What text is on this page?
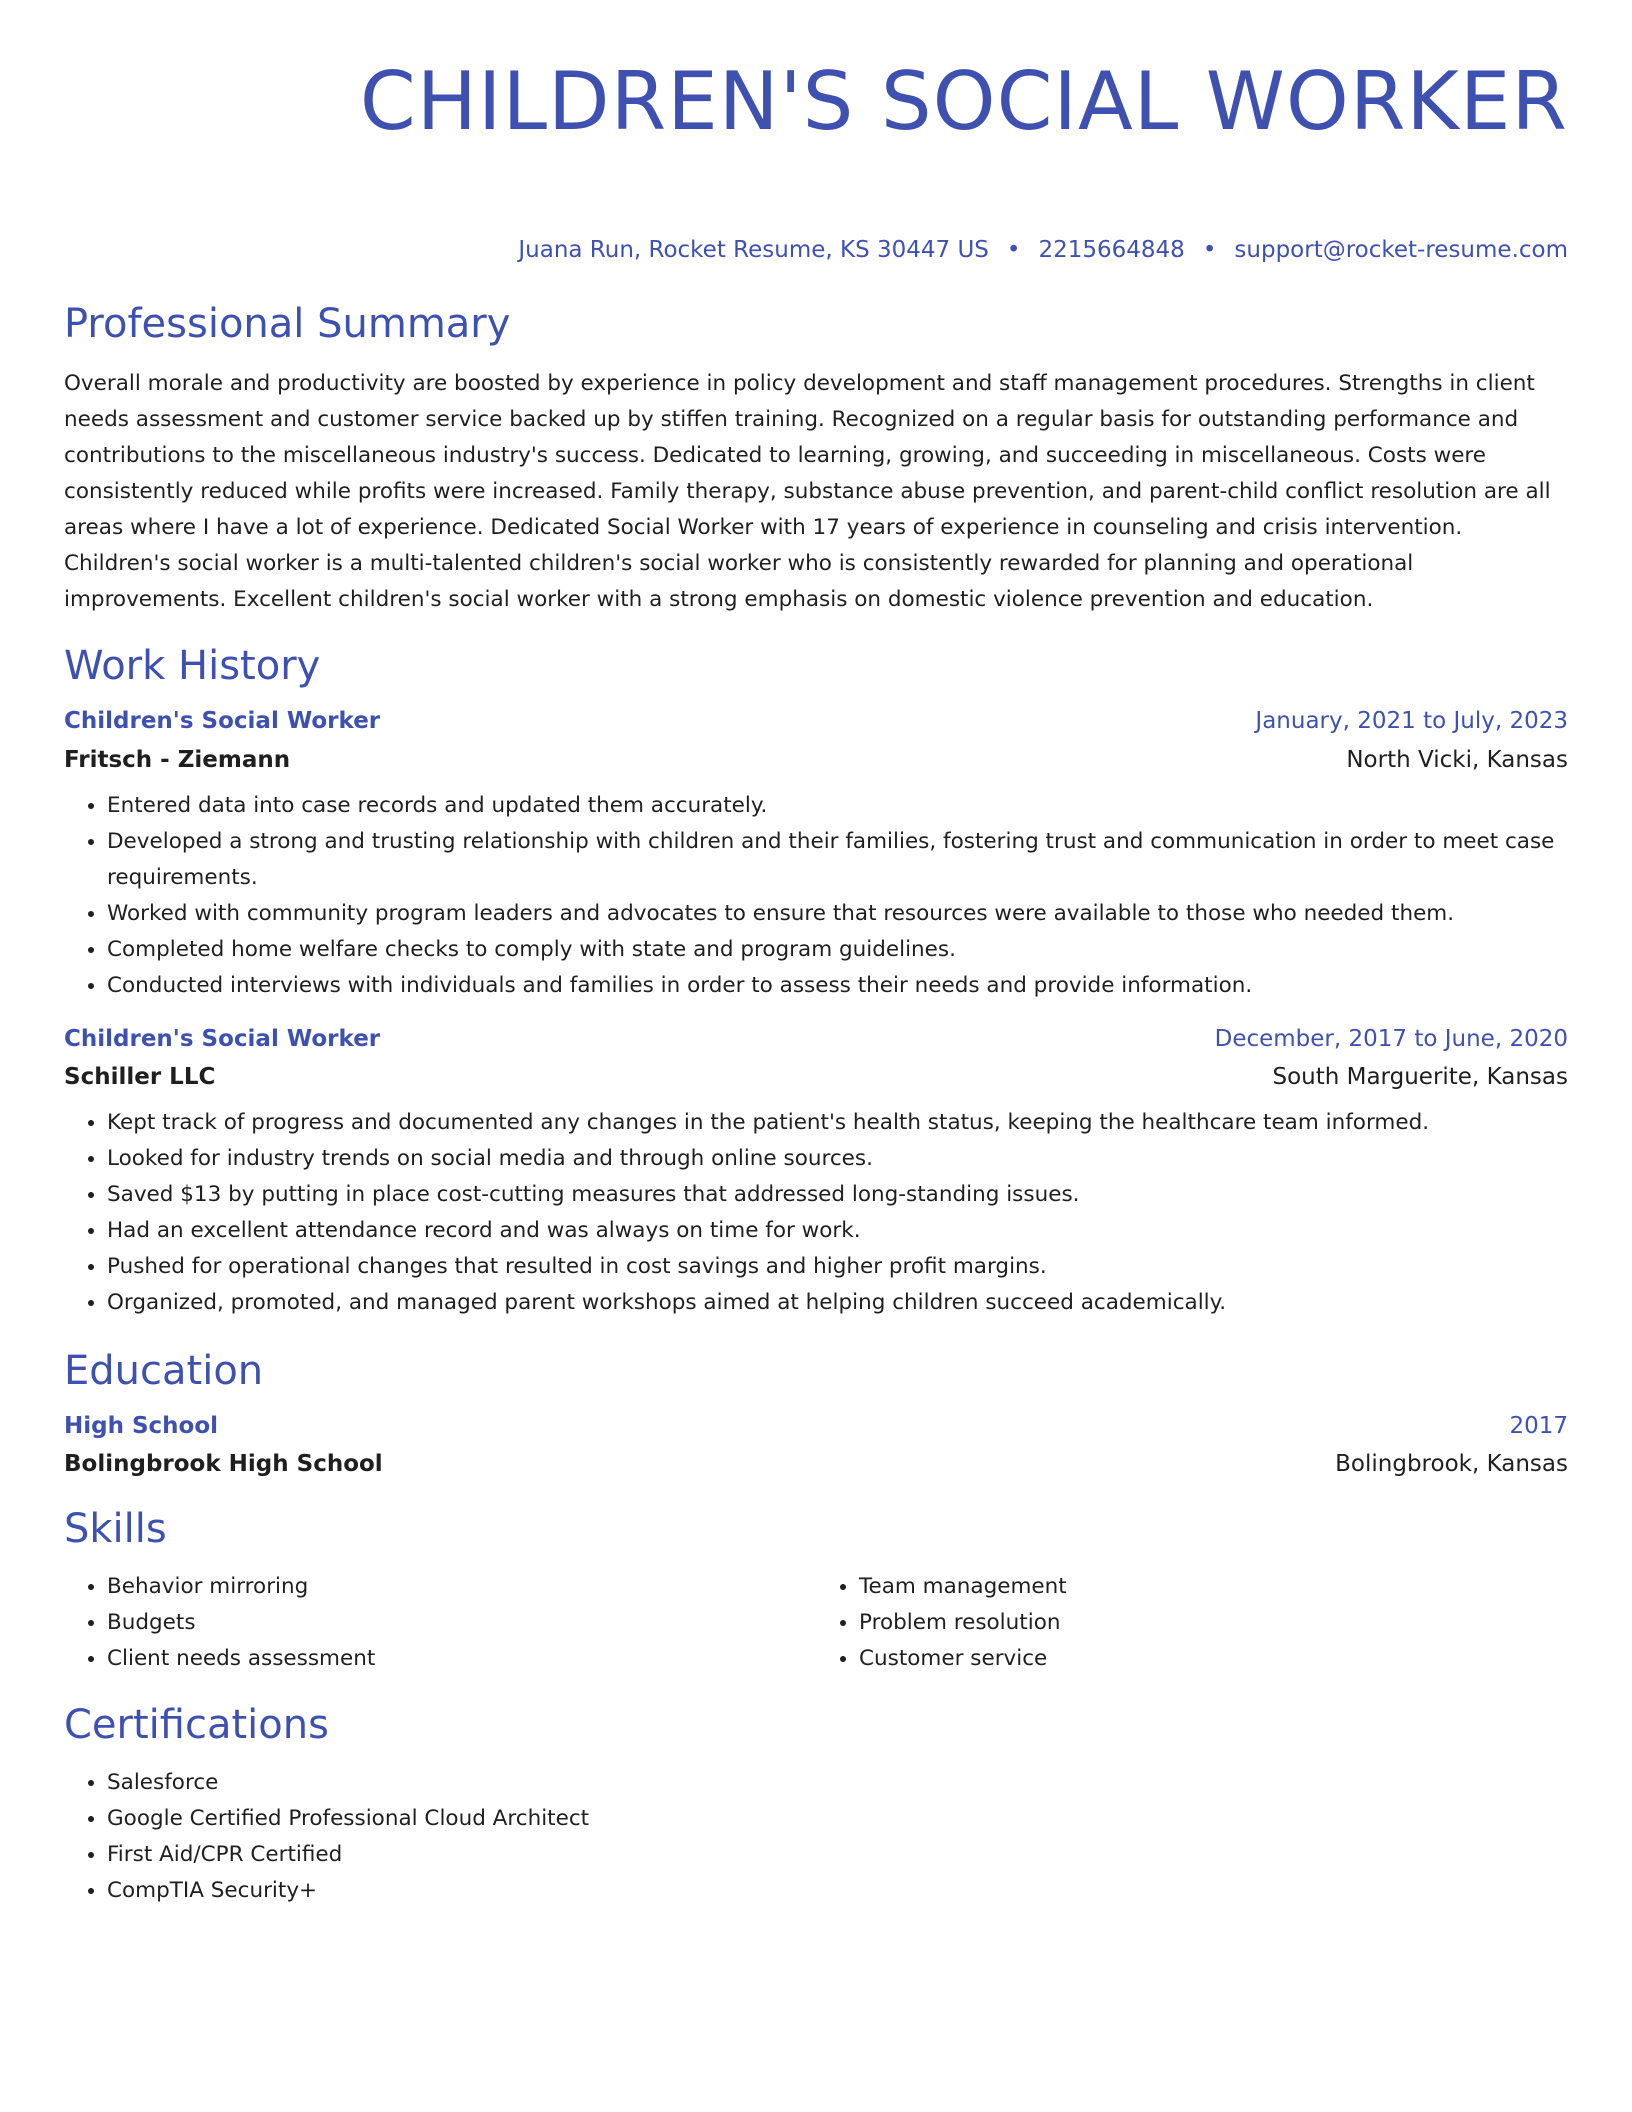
CHILDREN'S SOCIAL WORKER
Juana Run, Rocket Resume, KS 30447 US • 2215664848 • support@rocket-resume.com
Professional Summary

Overall morale and productivity are boosted by experience in policy development and staff management procedures. Strengths in client needs assessment and customer service backed up by stiffen training. Recognized on a regular basis for outstanding performance and contributions to the miscellaneous industry's success. Dedicated to learning, growing, and succeeding in miscellaneous. Costs were consistently reduced while profits were increased. Family therapy, substance abuse prevention, and parent-child conflict resolution are all areas where I have a lot of experience. Dedicated Social Worker with 17 years of experience in counseling and crisis intervention. Children's social worker is a multi-talented children's social worker who is consistently rewarded for planning and operational improvements. Excellent children's social worker with a strong emphasis on domestic violence prevention and education.

Work History
Children's Social Worker	January, 2021 to July, 2023
Fritsch - Ziemann	North Vicki, Kansas
• Entered data into case records and updated them accurately.
• Developed a strong and trusting relationship with children and their families, fostering trust and communication in order to meet case requirements.
• Worked with community program leaders and advocates to ensure that resources were available to those who needed them.
• Completed home welfare checks to comply with state and program guidelines.
• Conducted interviews with individuals and families in order to assess their needs and provide information.
Children's Social Worker	December, 2017 to June, 2020
Schiller LLC	South Marguerite, Kansas
• Kept track of progress and documented any changes in the patient's health status, keeping the healthcare team informed.
• Looked for industry trends on social media and through online sources.
• Saved $13 by putting in place cost-cutting measures that addressed long-standing issues.
• Had an excellent attendance record and was always on time for work.
• Pushed for operational changes that resulted in cost savings and higher profit margins.
• Organized, promoted, and managed parent workshops aimed at helping children succeed academically.
Education
High School	2017
Bolingbrook High School	Bolingbrook, Kansas
Skills
• Behavior mirroring
• Budgets
• Client needs assessment
• Team management
• Problem resolution
• Customer service
Certifications
• Salesforce
• Google Certified Professional Cloud Architect
• First Aid/CPR Certified
• CompTIA Security+
